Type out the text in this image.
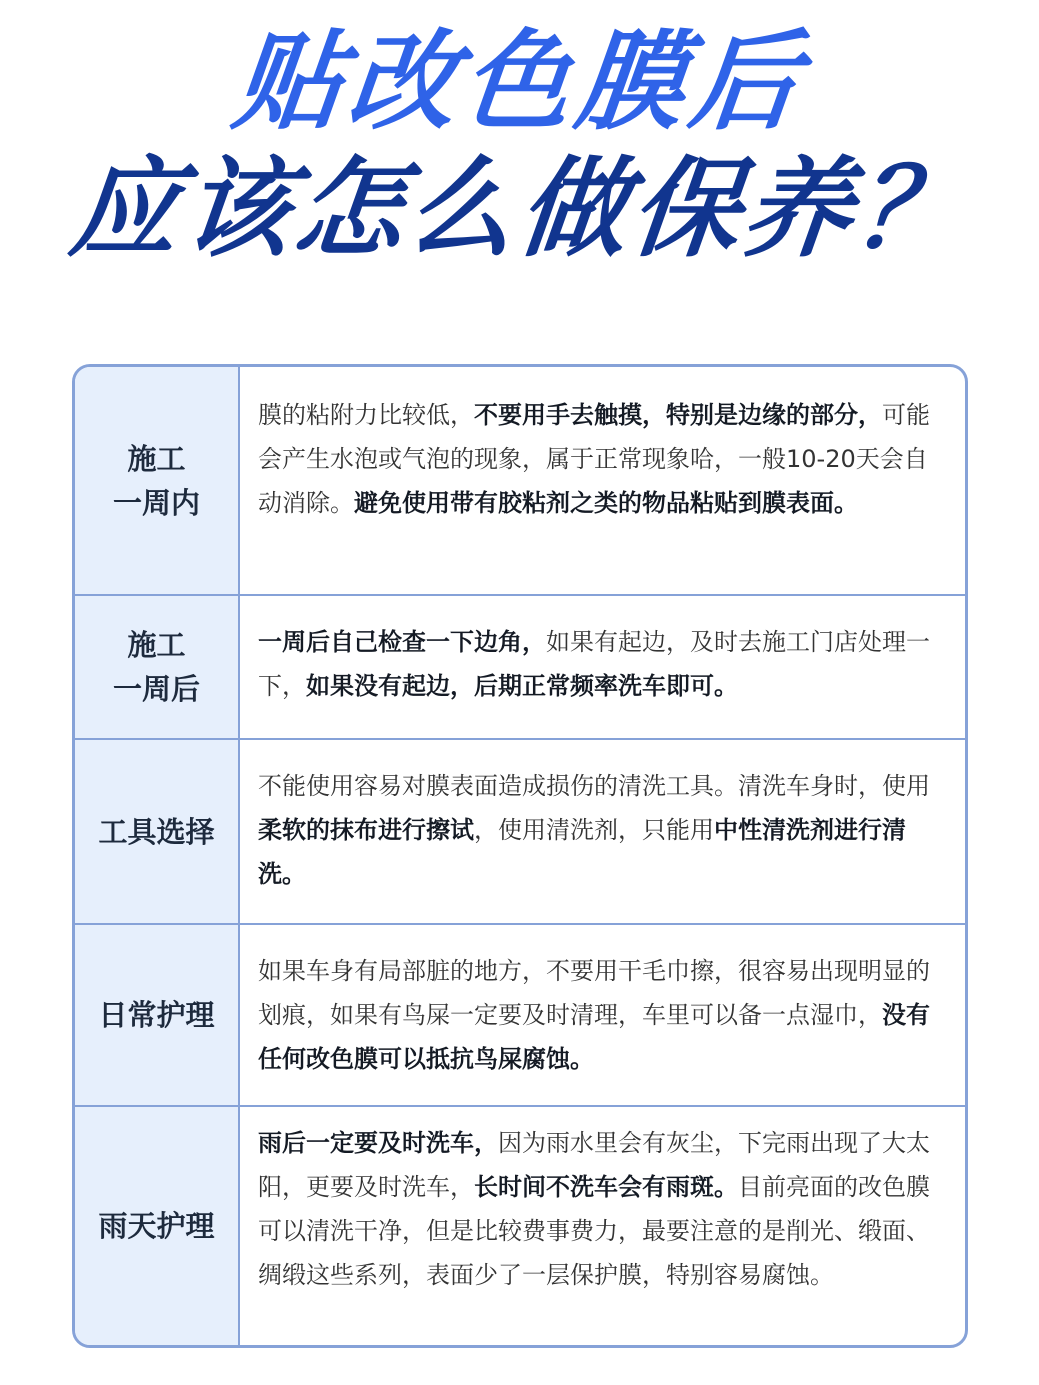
贴改色膜后
应该怎么做保养？
施工
一周内
膜的粘附力比较低，不要用手去触摸，特别是边缘的部分，可能会产生水泡或气泡的现象，属于正常现象哈，一般10-20天会自动消除。避免使用带有胶粘剂之类的物品粘贴到膜表面。
施工
一周后
一周后自己检查一下边角，如果有起边，及时去施工门店处理一下，如果没有起边，后期正常频率洗车即可。
工具选择
不能使用容易对膜表面造成损伤的清洗工具。清洗车身时，使用柔软的抹布进行擦试，使用清洗剂，只能用中性清洗剂进行清洗。
日常护理
如果车身有局部脏的地方，不要用干毛巾擦，很容易出现明显的划痕，如果有鸟屎一定要及时清理，车里可以备一点湿巾，没有任何改色膜可以抵抗鸟屎腐蚀。
雨天护理
雨后一定要及时洗车，因为雨水里会有灰尘，下完雨出现了大太阳，更要及时洗车，长时间不洗车会有雨斑。目前亮面的改色膜可以清洗干净，但是比较费事费力，最要注意的是削光、缎面、绸缎这些系列，表面少了一层保护膜，特别容易腐蚀。
